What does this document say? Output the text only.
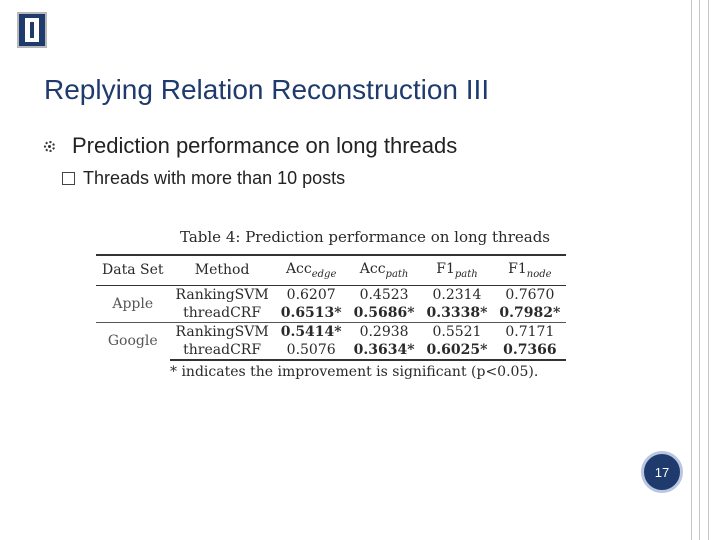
Replying Relation Reconstruction III
Prediction performance on long threads
Threads with more than 10 posts
Table 4: Prediction performance on long threads
Data Set	Method	Acc$_{edge}$	Acc$_{path}$	$F1_{path}$	$F1_{node}$
Apple	RankingSVM	0.6207	0.4523	0.2314	0.7670
	threadCRF	0.6513*	0.5686*	0.3338*	0.7982*
Google	RankingSVM	0.5414*	0.2938	0.5521	0.7171
	threadCRF	0.5076	0.3634*	0.6025*	0.7366
* indicates the improvement is significant (p<0.05).
17
